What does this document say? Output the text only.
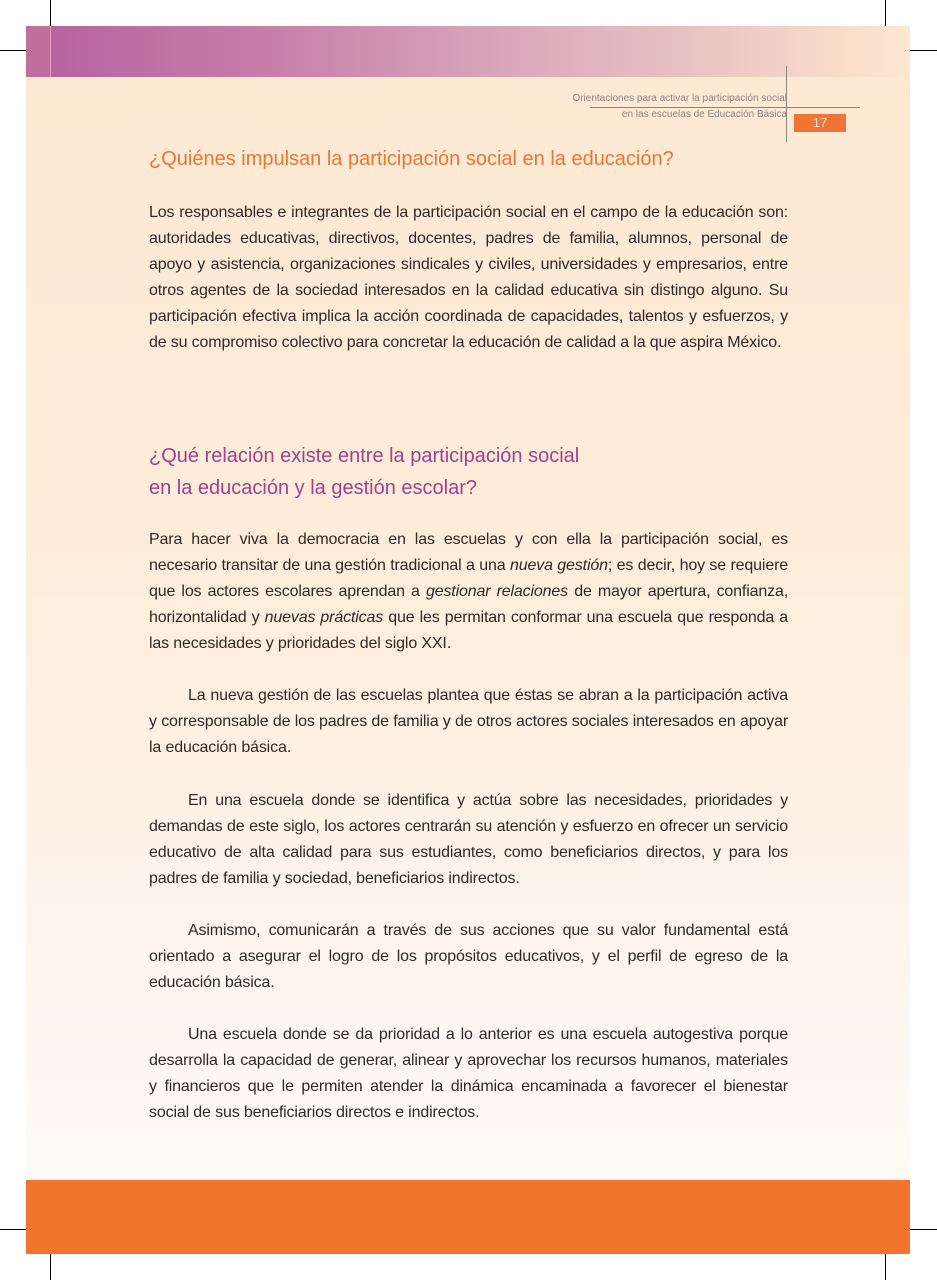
Orientaciones para activar la participación social
en las escuelas de Educación Básica
17
¿Quiénes impulsan la participación social en la educación?

Los responsables e integrantes de la participación social en el campo de la educación son: autoridades educativas, directivos, docentes, padres de familia, alumnos, personal de apoyo y asistencia, organizaciones sindicales y civiles, universidades y empresarios, entre otros agentes de la sociedad interesados en la calidad educativa sin distingo alguno. Su participación efectiva implica la acción coordinada de capacidades, talentos y esfuerzos, y de su compromiso colectivo para concretar la educación de calidad a la que aspira México.

¿Qué relación existe entre la participación social
en la educación y la gestión escolar?

Para hacer viva la democracia en las escuelas y con ella la participación social, es necesario transitar de una gestión tradicional a una nueva gestión; es decir, hoy se requiere que los actores escolares aprendan a gestionar relaciones de mayor apertura, confianza, horizontalidad y nuevas prácticas que les permitan conformar una escuela que responda a las necesidades y prioridades del siglo XXI.

La nueva gestión de las escuelas plantea que éstas se abran a la participación activa y corresponsable de los padres de familia y de otros actores sociales interesados en apoyar la educación básica.

En una escuela donde se identifica y actúa sobre las necesidades, prioridades y demandas de este siglo, los actores centrarán su atención y esfuerzo en ofrecer un servicio educativo de alta calidad para sus estudiantes, como beneficiarios directos, y para los padres de familia y sociedad, beneficiarios indirectos.

Asimismo, comunicarán a través de sus acciones que su valor fundamental está orientado a asegurar el logro de los propósitos educativos, y el perfil de egreso de la educación básica.

Una escuela donde se da prioridad a lo anterior es una escuela autogestiva porque desarrolla la capacidad de generar, alinear y aprovechar los recursos humanos, materiales y financieros que le permiten atender la dinámica encaminada a favorecer el bienestar social de sus beneficiarios directos e indirectos.
